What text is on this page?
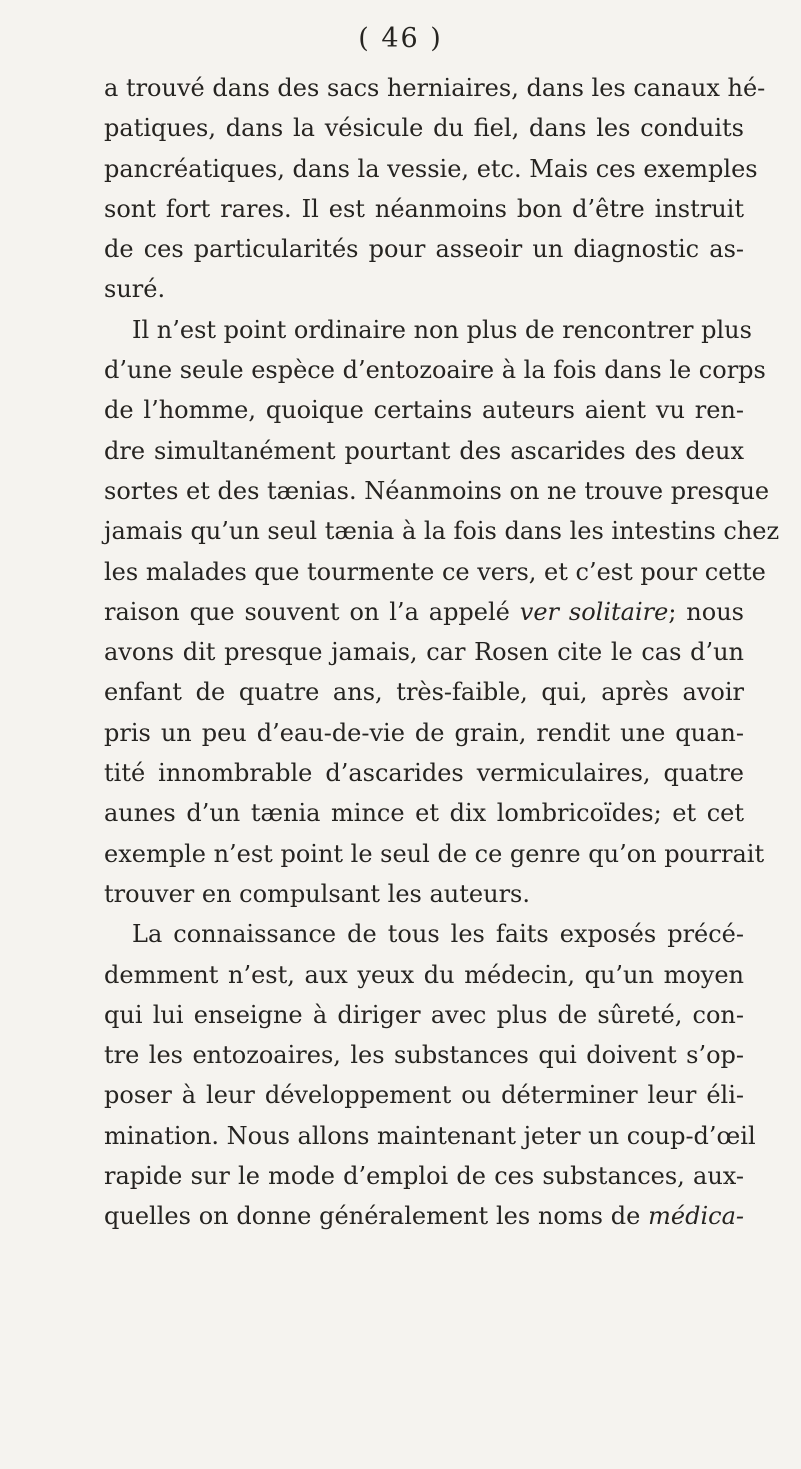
( 46 )
a trouvé dans des sacs herniaires, dans les canaux hé-
patiques, dans la vésicule du fiel, dans les conduits
pancréatiques, dans la vessie, etc. Mais ces exemples
sont fort rares. Il est néanmoins bon d’être instruit
de ces particularités pour asseoir un diagnostic as-
suré.
Il n’est point ordinaire non plus de rencontrer plus
d’une seule espèce d’entozoaire à la fois dans le corps
de l’homme, quoique certains auteurs aient vu ren-
dre simultanément pourtant des ascarides des deux
sortes et des tænias. Néanmoins on ne trouve presque
jamais qu’un seul tænia à la fois dans les intestins chez
les malades que tourmente ce vers, et c’est pour cette
raison que souvent on l’a appelé ver solitaire; nous
avons dit presque jamais, car Rosen cite le cas d’un
enfant de quatre ans, très-faible, qui, après avoir
pris un peu d’eau-de-vie de grain, rendit une quan-
tité innombrable d’ascarides vermiculaires, quatre
aunes d’un tænia mince et dix lombricoïdes; et cet
exemple n’est point le seul de ce genre qu’on pourrait
trouver en compulsant les auteurs.
La connaissance de tous les faits exposés précé-
demment n’est, aux yeux du médecin, qu’un moyen
qui lui enseigne à diriger avec plus de sûreté, con-
tre les entozoaires, les substances qui doivent s’op-
poser à leur développement ou déterminer leur éli-
mination. Nous allons maintenant jeter un coup-d’œil
rapide sur le mode d’emploi de ces substances, aux-
quelles on donne généralement les noms de médica-
